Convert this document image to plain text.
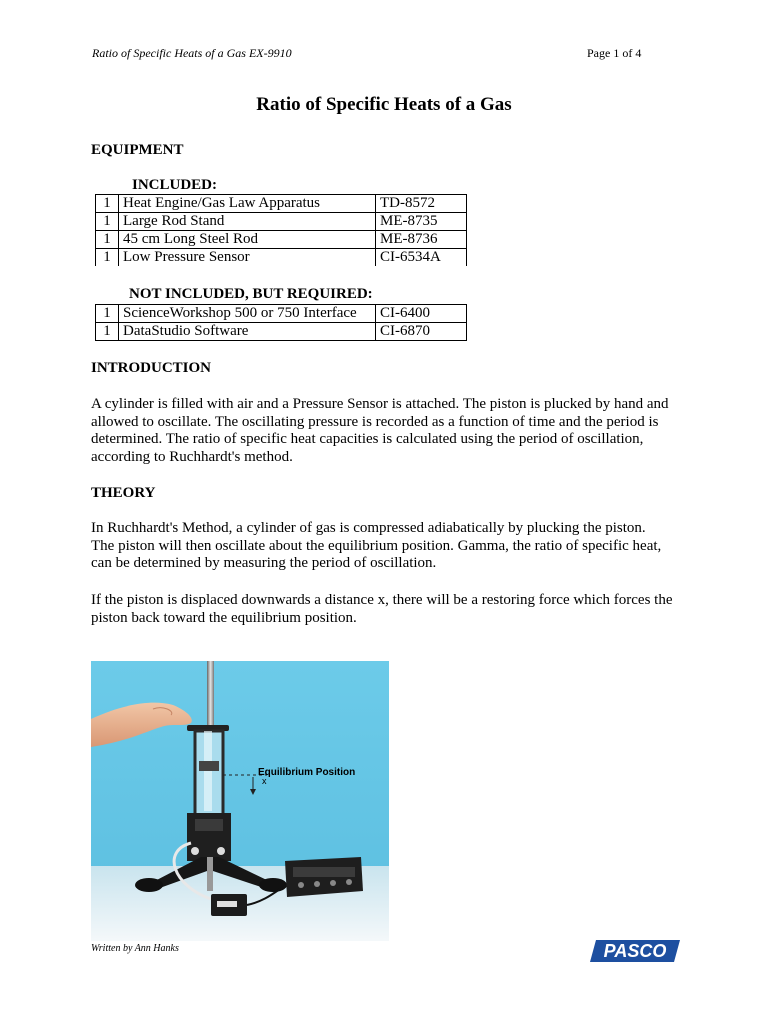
Ratio of Specific Heats of a Gas EX-9910	Page 1 of 4
Ratio of Specific Heats of a Gas
EQUIPMENT
INCLUDED:
1	Heat Engine/Gas Law Apparatus	TD-8572
1	Large Rod Stand	ME-8735
1	45 cm Long Steel Rod	ME-8736
1	Low Pressure Sensor	CI-6534A
NOT INCLUDED, BUT REQUIRED:
1	ScienceWorkshop 500 or 750 Interface	CI-6400
1	DataStudio Software	CI-6870
INTRODUCTION

A cylinder is filled with air and a Pressure Sensor is attached. The piston is plucked by hand and

allowed to oscillate. The oscillating pressure is recorded as a function of time and the period is

determined. The ratio of specific heat capacities is calculated using the period of oscillation,

according to Ruchhardt's method.

THEORY

In Ruchhardt's Method, a cylinder of gas is compressed adiabatically by plucking the piston.

The piston will then oscillate about the equilibrium position. Gamma, the ratio of specific heat,

can be determined by measuring the period of oscillation.

If the piston is displaced downwards a distance x, there will be a restoring force which forces the

piston back toward the equilibrium position.

Equilibrium Position
x
Written by Ann Hanks	PASCO
